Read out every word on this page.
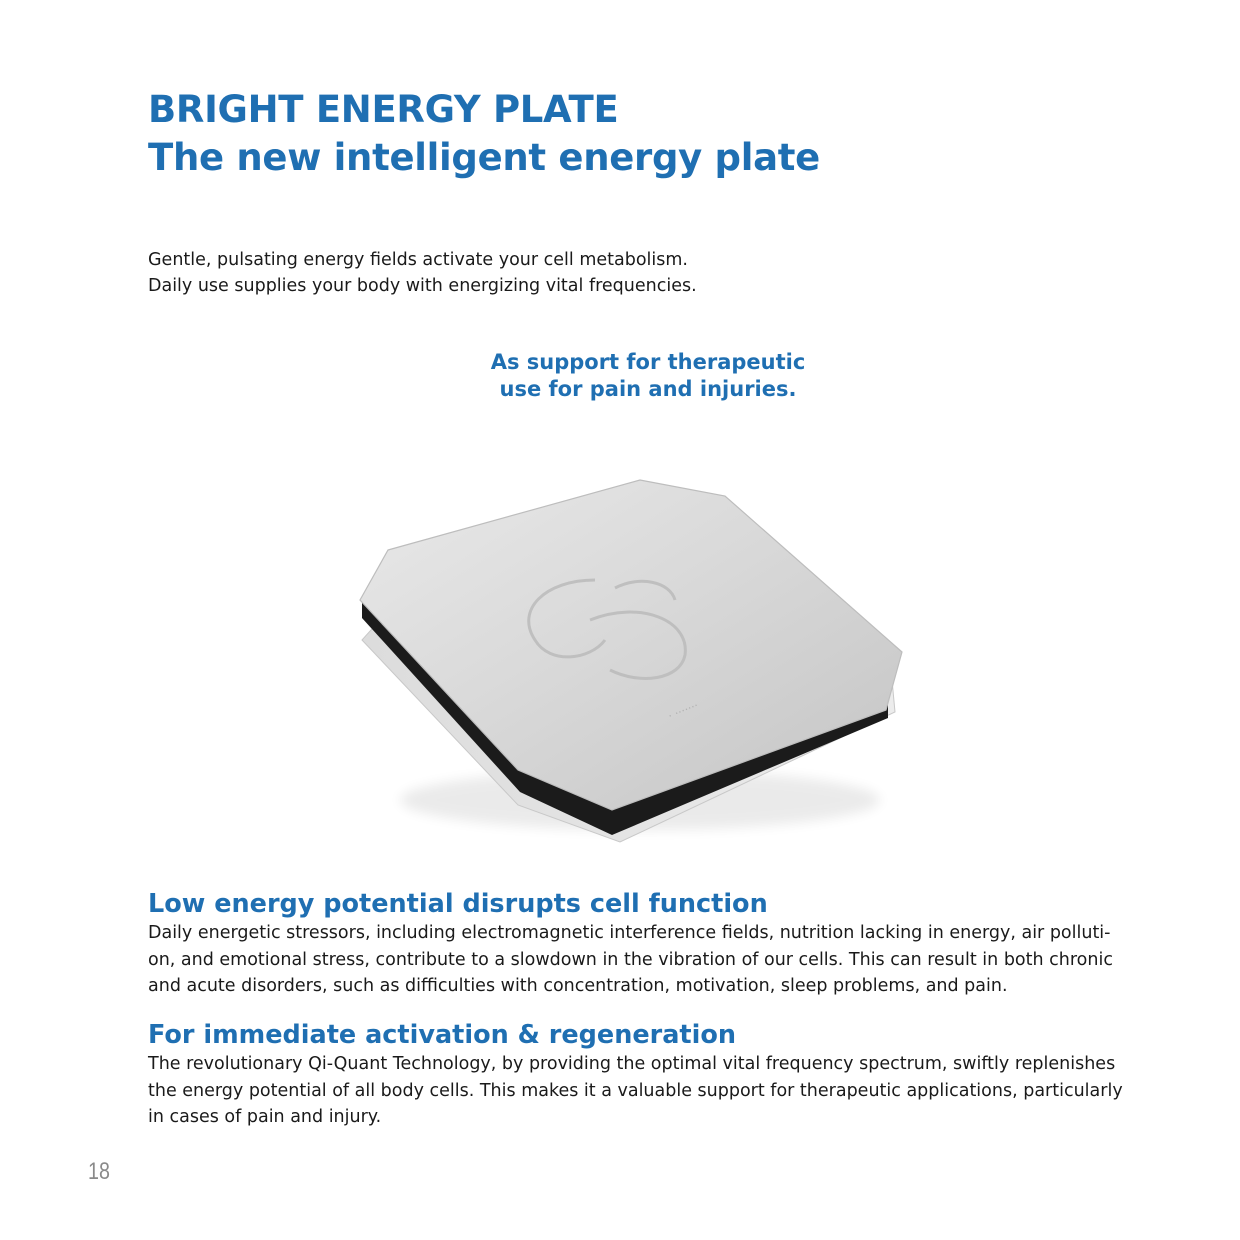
BRIGHT ENERGY PLATE
The new intelligent energy plate

Gentle, pulsating energy fields activate your cell metabolism.
Daily use supplies your body with energizing vital frequencies.

As support for therapeutic
use for pain and injuries.

· ·······
Low energy potential disrupts cell function

Daily energetic stressors, including electromagnetic interference fields, nutrition lacking in energy, air polluti-
on, and emotional stress, contribute to a slowdown in the vibration of our cells. This can result in both chronic
and acute disorders, such as difficulties with concentration, motivation, sleep problems, and pain.

For immediate activation & regeneration

The revolutionary Qi-Quant Technology, by providing the optimal vital frequency spectrum, swiftly replenishes
the energy potential of all body cells. This makes it a valuable support for therapeutic applications, particularly
in cases of pain and injury.

18
